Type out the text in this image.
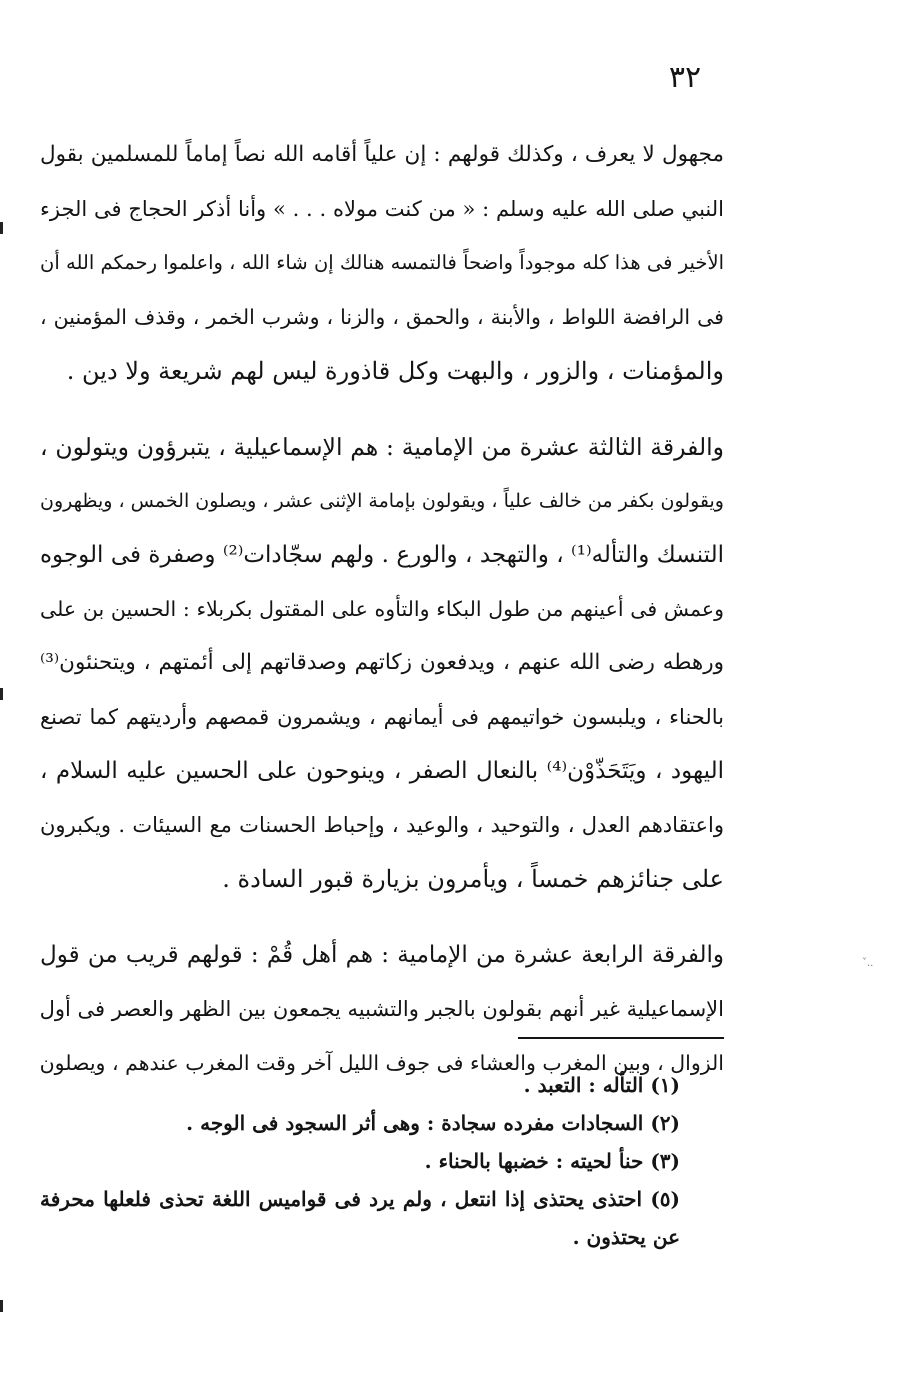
٣٢
مجهول لا يعرف ، وكذلك قولهم : إن علياً أقامه الله نصاً إماماً للمسلمين بقول
النبي صلى الله عليه وسلم : « من كنت مولاه . . . » وأنا أذكر الحجاج فى الجزء
الأخير فى هذا كله موجوداً واضحاً فالتمسه هنالك إن شاء الله ، واعلموا رحمكم الله أن
فى الرافضة اللواط ، والأبنة ، والحمق ، والزنا ، وشرب الخمر ، وقذف المؤمنين ،
والمؤمنات ، والزور ، والبهت وكل قاذورة ليس لهم شريعة ولا دين .
والفرقة الثالثة عشرة من الإمامية : هم الإسماعيلية ، يتبرؤون ويتولون ،
ويقولون بكفر من خالف علياً ، ويقولون بإمامة الإثنى عشر ، ويصلون الخمس ، ويظهرون
التنسك والتأله⁽¹⁾ ، والتهجد ، والورع . ولهم سجّادات⁽²⁾ وصفرة فى الوجوه
وعمش فى أعينهم من طول البكاء والتأوه على المقتول بكربلاء : الحسين بن على
ورهطه رضى الله عنهم ، ويدفعون زكاتهم وصدقاتهم إلى أئمتهم ، ويتحنئون⁽³⁾
بالحناء ، ويلبسون خواتيمهم فى أيمانهم ، ويشمرون قمصهم وأرديتهم كما تصنع
اليهود ، ويَتَحَذّوْن⁽⁴⁾ بالنعال الصفر ، وينوحون على الحسين عليه السلام ،
واعتقادهم العدل ، والتوحيد ، والوعيد ، وإحباط الحسنات مع السيئات . ويكبرون
على جنائزهم خمساً ، ويأمرون بزيارة قبور السادة .
والفرقة الرابعة عشرة من الإمامية : هم أهل قُمْ : قولهم قريب من قول
الإسماعيلية غير أنهم بقولون بالجبر والتشبيه يجمعون بين الظهر والعصر فى أول
الزوال ، وبين المغرب والعشاء فى جوف الليل آخر وقت المغرب عندهم ، ويصلون
(١) التأله : التعبد .
(٢) السجادات مفرده سجادة : وهى أثر السجود فى الوجه .
(٣) حنأ لحيته : خضبها بالحناء .
(٥) احتذى يحتذى إذا انتعل ، ولم يرد فى قواميس اللغة تحذى فلعلها محرفة
عن يحتذون .
ˇ..
